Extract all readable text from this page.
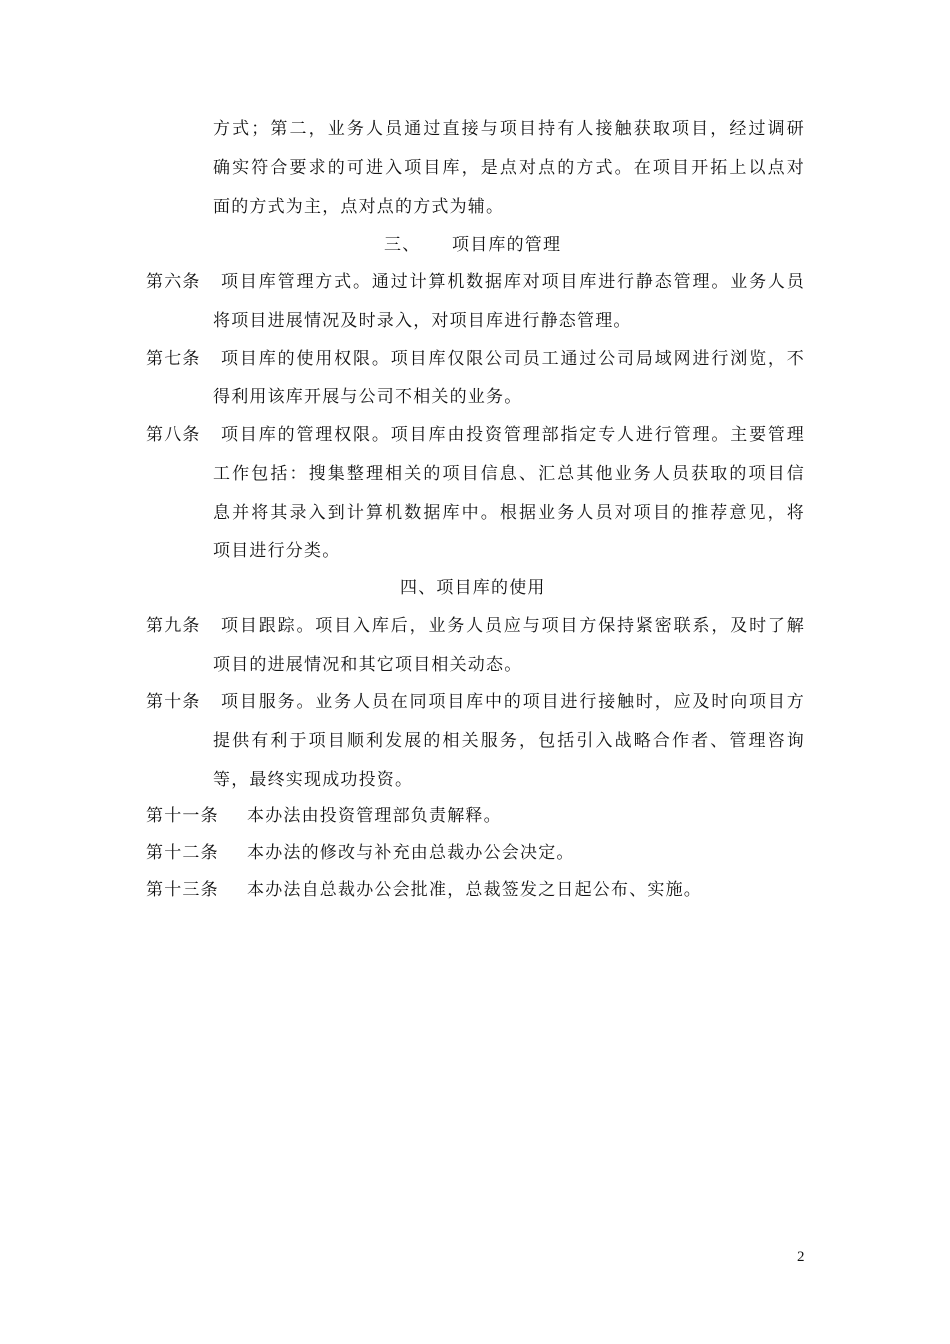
方式；第二，业务人员通过直接与项目持有人接触获取项目，经过调研
确实符合要求的可进入项目库，是点对点的方式。在项目开拓上以点对
面的方式为主，点对点的方式为辅。
三、 项目库的管理
第六条 项目库管理方式。通过计算机数据库对项目库进行静态管理。业务人员
将项目进展情况及时录入，对项目库进行静态管理。
第七条 项目库的使用权限。项目库仅限公司员工通过公司局域网进行浏览，不
得利用该库开展与公司不相关的业务。
第八条 项目库的管理权限。项目库由投资管理部指定专人进行管理。主要管理
工作包括：搜集整理相关的项目信息、汇总其他业务人员获取的项目信
息并将其录入到计算机数据库中。根据业务人员对项目的推荐意见，将
项目进行分类。
四、项目库的使用
第九条 项目跟踪。项目入库后，业务人员应与项目方保持紧密联系，及时了解
项目的进展情况和其它项目相关动态。
第十条 项目服务。业务人员在同项目库中的项目进行接触时，应及时向项目方
提供有利于项目顺利发展的相关服务，包括引入战略合作者、管理咨询
等，最终实现成功投资。
第十一条 本办法由投资管理部负责解释。
第十二条 本办法的修改与补充由总裁办公会决定。
第十三条 本办法自总裁办公会批准，总裁签发之日起公布、实施。
2
